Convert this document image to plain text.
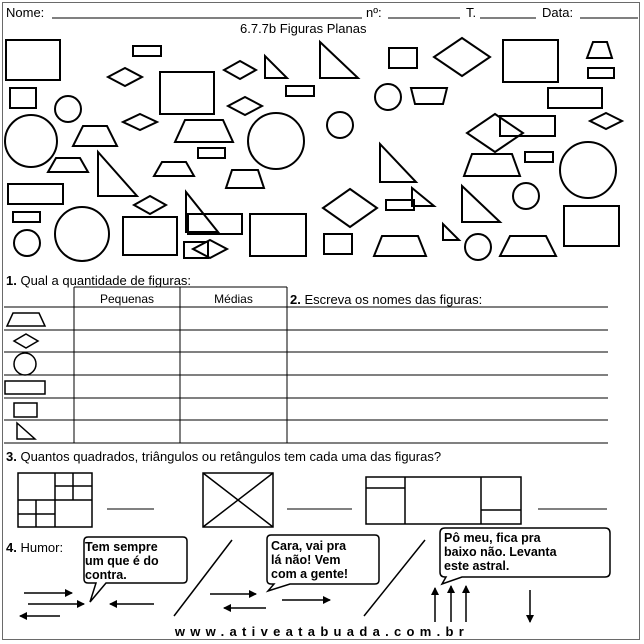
Nome:	nº:	T.	Data:
6.7.7b Figuras Planas
1. Qual a quantidade de figuras:
Pequenas	Médias	2. Escreva os nomes das figuras:
3. Quantos quadrados, triângulos ou retângulos tem cada uma das figuras?
4. Humor: Tem sempre
um que é do
contra.
Cara, vai pra
lá não! Vem
com a gente!
Pô meu, fica pra
baixo não. Levanta
este astral.
www.ativeatabuada.com.br
